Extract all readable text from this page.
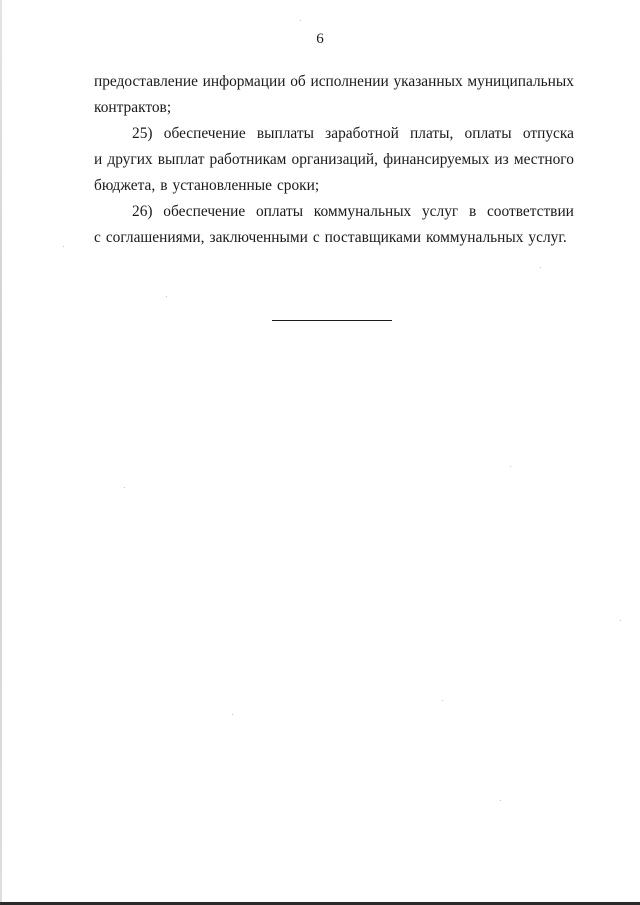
6
предоставление информации об исполнении указанных муниципальных
контрактов;
25) обеспечение выплаты заработной платы, оплаты отпуска
и других выплат работникам организаций, финансируемых из местного
бюджета, в установленные сроки;
26) обеспечение оплаты коммунальных услуг в соответствии
с соглашениями, заключенными с поставщиками коммунальных услуг.
